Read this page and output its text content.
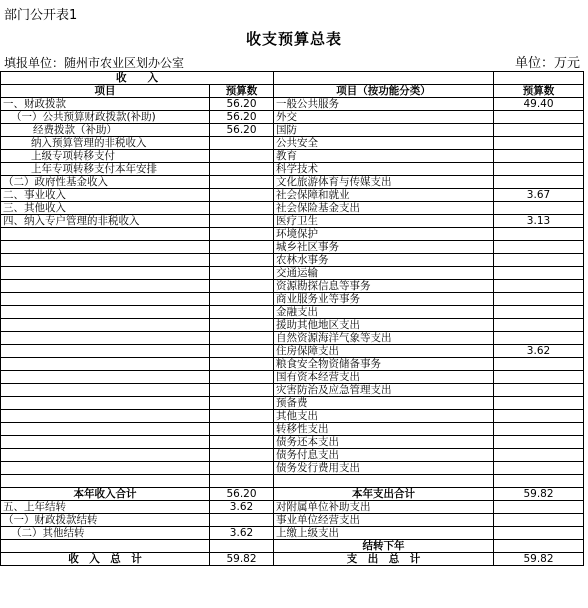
部门公开表1
收支预算总表
填报单位：随州市农业区划办公室	单位：万元
收　　入			
项目	预算数	项目（按功能分类）	预算数
一、财政拨款	56.20	一般公共服务	49.40
（一）公共预算财政拨款(补助)	56.20	外交	
经费拨款（补助）	56.20	国防	
纳入预算管理的非税收入		公共安全	
上级专项转移支付		教育	
上年专项转移支付本年安排		科学技术	
（二）政府性基金收入		文化旅游体育与传媒支出	
二、事业收入		社会保障和就业	3.67
三、其他收入		社会保险基金支出	
四、纳入专户管理的非税收入		医疗卫生	3.13
		环境保护	
		城乡社区事务	
		农林水事务	
		交通运输	
		资源勘探信息等事务	
		商业服务业等事务	
		金融支出	
		援助其他地区支出	
		自然资源海洋气象等支出	
		住房保障支出	3.62
		粮食安全物资储备事务	
		国有资本经营支出	
		灾害防治及应急管理支出	
		预备费	
		其他支出	
		转移性支出	
		债务还本支出	
		债务付息支出	
		债务发行费用支出	

本年收入合计	56.20	本年支出合计	59.82
五、上年结转	3.62	对附属单位补助支出	
（一）财政拨款结转		事业单位经营支出	
（二）其他结转	3.62	上缴上级支出	
		结转下年	
收　入　总　计	59.82	支　出　总　计	59.82
